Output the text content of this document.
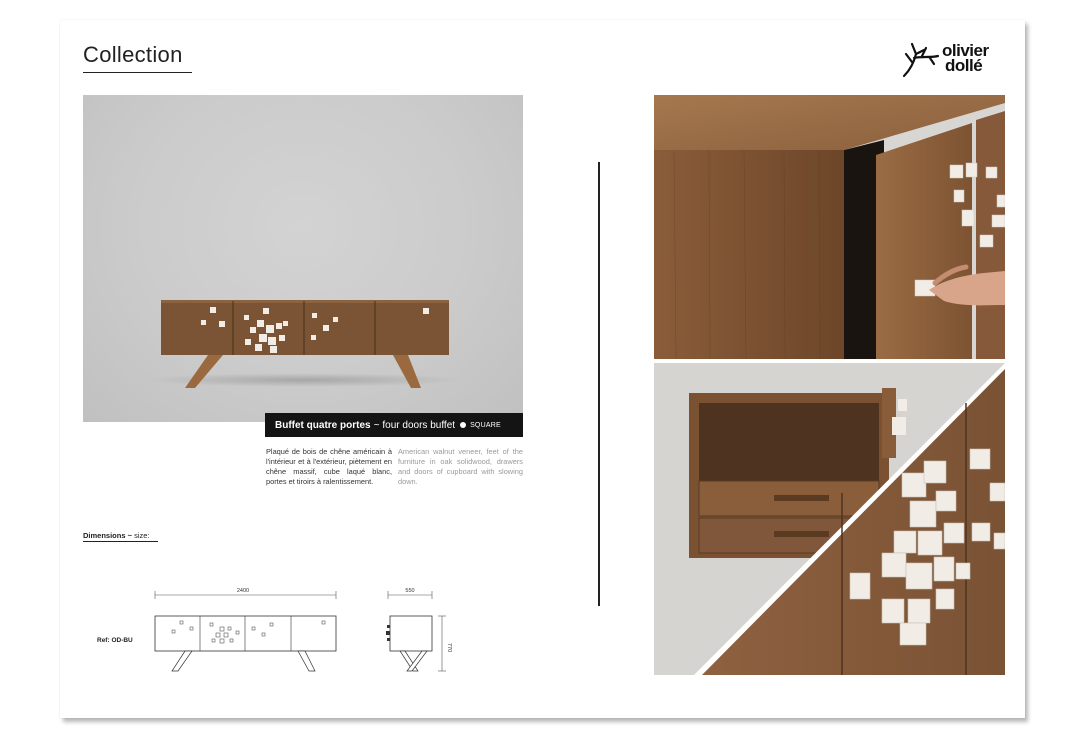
Collection	olivier
dollé
Buffet quatre portes ~ four doors buffet SQUARE
Plaqué de bois de chêne américain à l'intérieur et à l'extérieur, piètement en chêne massif, cube laqué blanc, portes et tiroirs à ralentissement.
American walnut veneer, feet of the furniture in oak solidwood, drawers and doors of cupboard with slowing down.
Dimensions ~ size:
Ref: OD-BU
2400	550
770
